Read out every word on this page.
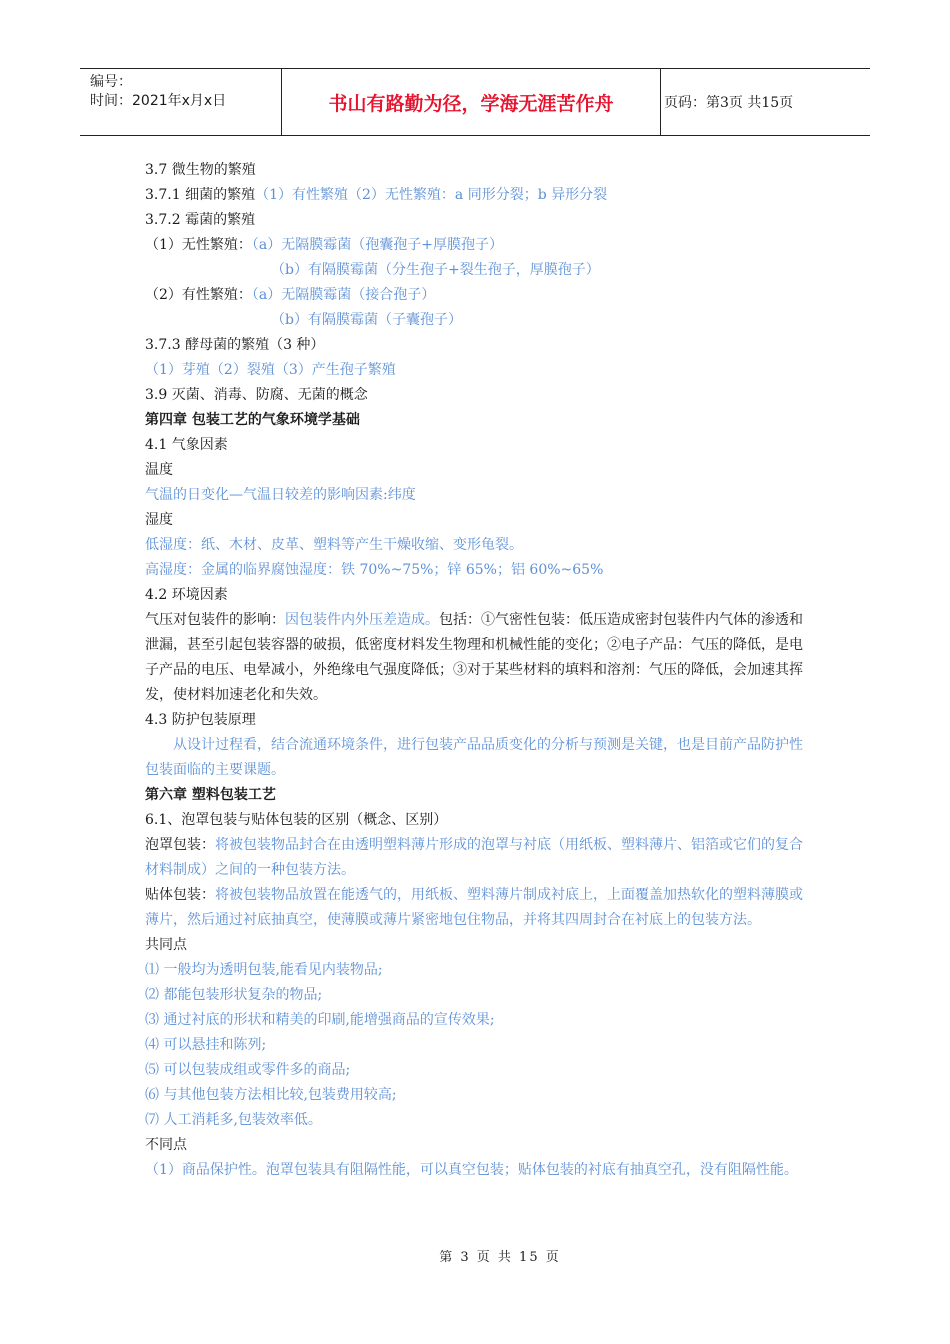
编号：
时间：2021年x月x日	书山有路勤为径，学海无涯苦作舟	页码：第3页 共15页
3.7 微生物的繁殖
3.7.1 细菌的繁殖（1）有性繁殖（2）无性繁殖：a 同形分裂；b 异形分裂
3.7.2 霉菌的繁殖
（1）无性繁殖：（a）无隔膜霉菌（孢囊孢子+厚膜孢子）
（b）有隔膜霉菌（分生孢子+裂生孢子，厚膜孢子）
（2）有性繁殖：（a）无隔膜霉菌（接合孢子）
（b）有隔膜霉菌（子囊孢子）
3.7.3 酵母菌的繁殖（3 种）
（1）芽殖（2）裂殖（3）产生孢子繁殖
3.9 灭菌、消毒、防腐、无菌的概念
第四章 包装工艺的气象环境学基础
4.1 气象因素
温度
气温的日变化—气温日较差的影响因素:纬度
湿度
低湿度：纸、木材、皮革、塑料等产生干燥收缩、变形龟裂。
高湿度：金属的临界腐蚀湿度：铁 70%~75%；锌 65%；铝 60%~65%
4.2 环境因素
气压对包装件的影响：因包装件内外压差造成。包括：①气密性包装：低压造成密封包装件内气体的渗透和泄漏，甚至引起包装容器的破损，低密度材料发生物理和机械性能的变化；②电子产品：气压的降低，是电子产品的电压、电晕减小，外绝缘电气强度降低；③对于某些材料的填料和溶剂：气压的降低，会加速其挥发，使材料加速老化和失效。
4.3 防护包装原理
从设计过程看，结合流通环境条件，进行包装产品品质变化的分析与预测是关键，也是目前产品防护性包装面临的主要课题。
第六章 塑料包装工艺
6.1、泡罩包装与贴体包装的区别（概念、区别）
泡罩包装：将被包装物品封合在由透明塑料薄片形成的泡罩与衬底（用纸板、塑料薄片、铝箔或它们的复合材料制成）之间的一种包装方法。
贴体包装：将被包装物品放置在能透气的，用纸板、塑料薄片制成衬底上，上面覆盖加热软化的塑料薄膜或薄片，然后通过衬底抽真空，使薄膜或薄片紧密地包住物品，并将其四周封合在衬底上的包装方法。
共同点
⑴ 一般均为透明包装,能看见内装物品;
⑵ 都能包装形状复杂的物品;
⑶ 通过衬底的形状和精美的印刷,能增强商品的宣传效果;
⑷ 可以悬挂和陈列;
⑸ 可以包装成组或零件多的商品;
⑹ 与其他包装方法相比较,包装费用较高;
⑺ 人工消耗多,包装效率低。
不同点
（1）商品保护性。泡罩包装具有阻隔性能，可以真空包装；贴体包装的衬底有抽真空孔，没有阻隔性能。
第 3 页 共 15 页
